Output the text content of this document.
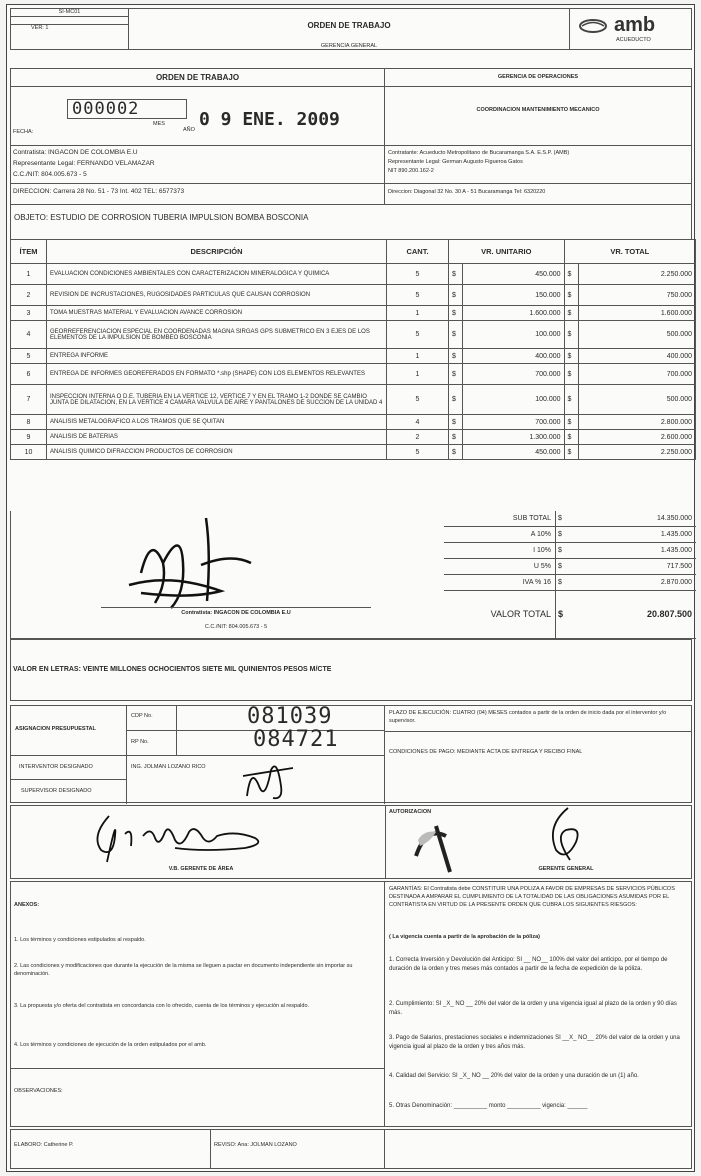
SI-MC01

VER: 1	ORDEN DE TRABAJO
GERENCIA GENERAL
amb
ACUEDUCTO
ORDEN DE TRABAJO
FECHA:
000002
MES
AÑO 0 9 ENE. 2009
Contratista: INGACON DE COLOMBIA E.U
Representante Legal: FERNANDO VELAMAZAR
C.C./NIT: 804.005.673 - 5
DIRECCION: Carrera 28 No. 51 - 73 Int. 402 TEL: 6577373
GERENCIA DE OPERACIONES
COORDINACION MANTENIMIENTO MECANICO
Contratante: Acueducto Metropolitano de Bucaramanga S.A. E.S.P. (AMB)
Representante Legal: German Augusto Figueroa Gatos
NIT 890.200.162-2
Direccion: Diagonal 32 No. 30 A - 51 Bucaramanga Tel: 6320220
OBJETO: ESTUDIO DE CORROSION TUBERIA IMPULSION BOMBA BOSCONIA
ÍTEM	DESCRIPCIÓN	CANT.	VR. UNITARIO		VR. TOTAL	
1	EVALUACION CONDICIONES AMBIENTALES CON CARACTERIZACION MINERALOGICA Y QUIMICA	5	$	450.000	$	2.250.000
2	REVISION DE INCRUSTACIONES, RUGOSIDADES PARTICULAS QUE CAUSAN CORROSION	5	$	150.000	$	750.000
3	TOMA MUESTRAS MATERIAL Y EVALUACION AVANCE CORROSION	1	$	1.600.000	$	1.600.000
4	GEORREFERENCIACION ESPECIAL EN COORDENADAS MAGNA SIRGAS GPS SUBMETRICO EN 3 EJES DE LOS ELEMENTOS DE LA IMPULSION DE BOMBEO BOSCONIA	5	$	100.000	$	500.000
5	ENTREGA INFORME	1	$	400.000	$	400.000
6	ENTREGA DE INFORMES GEOREFERADOS EN FORMATO *.shp (SHAPE) CON LOS ELEMENTOS RELEVANTES	1	$	700.000	$	700.000
7	INSPECCION INTERNA O D.E. TUBERIA EN LA VERTICE 12, VERTICE 7 Y EN EL TRAMO 1-2 DONDE SE CAMBIO JUNTA DE DILATACION, EN LA VERTICE 4 CAMARA VALVULA DE AIRE Y PANTALONES DE SUCCION DE LA UNIDAD 4	5	$	100.000	$	500.000
8	ANALISIS METALOGRAFICO A LOS TRAMOS QUE SE QUITAN	4	$	700.000	$	2.800.000
9	ANALISIS DE BATERIAS	2	$	1.300.000	$	2.600.000
10	ANALISIS QUIMICO DIFRACCION PRODUCTOS DE CORROSION	5	$	450.000	$	2.250.000
Contratista: INGACON DE COLOMBIA E.U
C.C./NIT: 804.005.673 - 5
SUB TOTAL	$	14.350.000
A 10%	$	1.435.000
I 10%	$	1.435.000
U 5%	$	717.500
IVA % 16	$	2.870.000
VALOR TOTAL $	20.807.500
VALOR EN LETRAS: VEINTE MILLONES OCHOCIENTOS SIETE MIL QUINIENTOS PESOS M/CTE
ASIGNACION PRESUPUESTAL
CDP No.	081039
RP No.	084721
INTERVENTOR DESIGNADO	ING. JOLMAN LOZANO RICO
SUPERVISOR DESIGNADO
PLAZO DE EJECUCIÓN: CUATRO (04) MESES contados a partir de la orden de inicio dada por el interventor y/o supervisor.
CONDICIONES DE PAGO: MEDIANTE ACTA DE ENTREGA Y RECIBO FINAL
V.B. GERENTE DE ÁREA
AUTORIZACION
GERENTE GENERAL
ANEXOS:
1. Los términos y condiciones estipulados al respaldo.
2. Las condiciones y modificaciones que durante la ejecución de la misma se lleguen a pactar en documento independiente sin importar su denominación.
3. La propuesta y/o oferta del contratista en concordancia con lo ofrecido, cuenta de los términos y ejecución al respaldo.
4. Los términos y condiciones de ejecución de la orden estipulados por el amb.
OBSERVACIONES:
GARANTÍAS: El Contratista debe CONSTITUIR UNA POLIZA A FAVOR DE EMPRESAS DE SERVICIOS PÚBLICOS DESTINADA A AMPARAR EL CUMPLIMIENTO DE LA TOTALIDAD DE LAS OBLIGACIONES ASUMIDAS POR EL CONTRATISTA EN VIRTUD DE LA PRESENTE ORDEN QUE CUBRA LOS SIGUIENTES RIESGOS:
( La vigencia cuenta a partir de la aprobación de la póliza)
1. Correcta Inversión y Devolución del Anticipo: SI __ NO__ 100% del valor del anticipo, por el tiempo de duración de la orden y tres meses más contados a partir de la fecha de expedición de la póliza.
2. Cumplimiento: SI _X_ NO __ 20% del valor de la orden y una vigencia igual al plazo de la orden y 90 días más.
3. Pago de Salarios, prestaciones sociales e indemnizaciones SI __X_ NO__ 20% del valor de la orden y una vigencia igual al plazo de la orden y tres años más.
4. Calidad del Servicio: SI _X_ NO __ 20% del valor de la orden y una duración de un (1) año.
5. Otras Denominación: __________ monto __________ vigencia: ______
ELABORO: Catherine P.	REVISO: Ana: JOLMAN LOZANO
